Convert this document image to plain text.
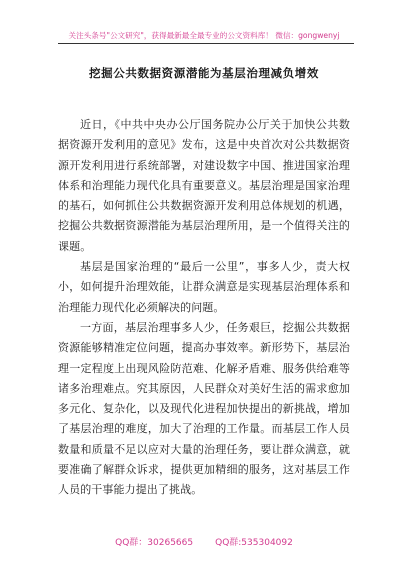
关注头条号"公文研究"，获得最新最全最专业的公文资料库！ 微信：gongwenyj
挖掘公共数据资源潜能为基层治理减负增效

近日，《中共中央办公厅国务院办公厅关于加快公共数据资源开发利用的意见》发布，这是中央首次对公共数据资源开发利用进行系统部署，对建设数字中国、推进国家治理体系和治理能力现代化具有重要意义。基层治理是国家治理的基石，如何抓住公共数据资源开发利用总体规划的机遇，挖掘公共数据资源潜能为基层治理所用，是一个值得关注的课题。

基层是国家治理的“最后一公里”，事多人少，责大权小，如何提升治理效能，让群众满意是实现基层治理体系和治理能力现代化必须解决的问题。

一方面，基层治理事多人少，任务艰巨，挖掘公共数据资源能够精准定位问题，提高办事效率。新形势下，基层治理一定程度上出现风险防范难、化解矛盾难、服务供给难等诸多治理难点。究其原因，人民群众对美好生活的需求愈加多元化、复杂化，以及现代化进程加快提出的新挑战，增加了基层治理的难度，加大了治理的工作量。而基层工作人员数量和质量不足以应对大量的治理任务，要让群众满意，就要准确了解群众诉求，提供更加精细的服务，这对基层工作人员的干事能力提出了挑战。

QQ群：30265665 QQ群:535304092
